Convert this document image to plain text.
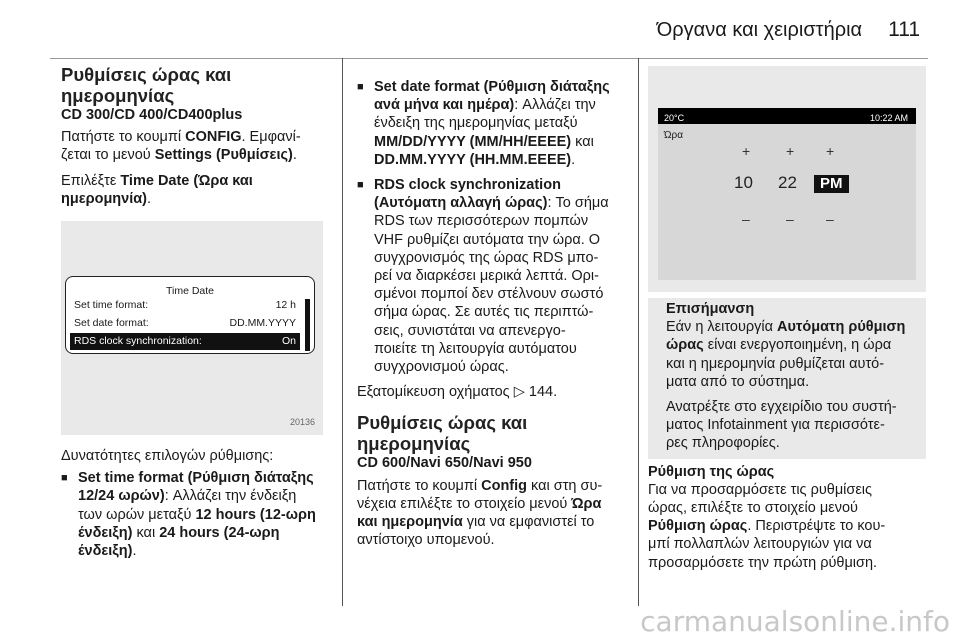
Όργανα και χειριστήρια 111

Ρυθμίσεις ώρας και ημερομηνίας

CD 300/CD 400/CD400plus

Πατήστε το κουμπί CONFIG. Εμφανί-
ζεται το μενού Settings (Ρυθμίσεις).

Επιλέξτε Time Date (Ώρα και
ημερομηνία).

Time Date
Set time format:	12 h
Set date format:	DD.MM.YYYY
RDS clock synchronization:	On
20136

Δυνατότητες επιλογών ρύθμισης:

■ Set time format (Ρύθμιση διάταξης
12/24 ωρών): Αλλάζει την ένδειξη
των ωρών μεταξύ 12 hours (12-ωρη
ένδειξη) και 24 hours (24-ωρη
ένδειξη).

■ Set date format (Ρύθμιση διάταξης
ανά μήνα και ημέρα): Αλλάζει την
ένδειξη της ημερομηνίας μεταξύ
MM/DD/YYYY (MM/HH/EEEE) και
DD.MM.YYYY (HH.MM.EEEE).

■ RDS clock synchronization
(Αυτόματη αλλαγή ώρας): Το σήμα
RDS των περισσότερων πομπών
VHF ρυθμίζει αυτόματα την ώρα. Ο
συγχρονισμός της ώρας RDS μπο-
ρεί να διαρκέσει μερικά λεπτά. Ορι-
σμένοι πομποί δεν στέλνουν σωστό
σήμα ώρας. Σε αυτές τις περιπτώ-
σεις, συνιστάται να απενεργο-
ποιείτε τη λειτουργία αυτόματου
συγχρονισμού ώρας.

Εξατομίκευση οχήματος ▷ 144.

Ρυθμίσεις ώρας και ημερομηνίας

CD 600/Navi 650/Navi 950

Πατήστε το κουμπί Config και στη συ-
νέχεια επιλέξτε το στοιχείο μενού Ώρα
και ημερομηνία για να εμφανιστεί το
αντίστοιχο υπομενού.

20°C	10:22 AM
Ώρα
+	+ +
10 22	PM
–	– –

Επισήμανση

Εάν η λειτουργία Αυτόματη ρύθμιση
ώρας είναι ενεργοποιημένη, η ώρα
και η ημερομηνία ρυθμίζεται αυτό-
ματα από το σύστημα.

Ανατρέξτε στο εγχειρίδιο του συστή-
ματος Infotainment για περισσότε-
ρες πληροφορίες.

Ρύθμιση της ώρας

Για να προσαρμόσετε τις ρυθμίσεις
ώρας, επιλέξτε το στοιχείο μενού
Ρύθμιση ώρας. Περιστρέψτε το κου-
μπί πολλαπλών λειτουργιών για να
προσαρμόσετε την πρώτη ρύθμιση.

carmanualsonline.info
